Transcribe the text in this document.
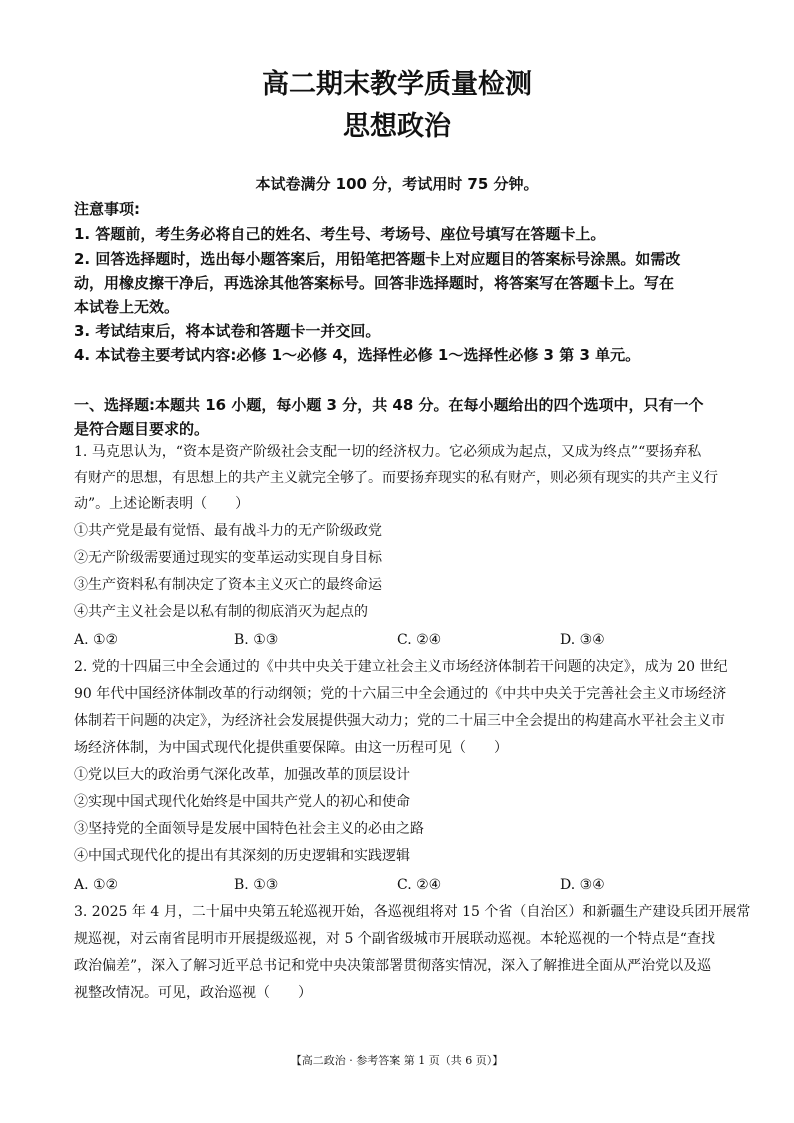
高二期末教学质量检测
思想政治
本试卷满分 100 分，考试用时 75 分钟。
注意事项:
1. 答题前，考生务必将自己的姓名、考生号、考场号、座位号填写在答题卡上。
2. 回答选择题时，选出每小题答案后，用铅笔把答题卡上对应题目的答案标号涂黑。如需改
动，用橡皮擦干净后，再选涂其他答案标号。回答非选择题时，将答案写在答题卡上。写在
本试卷上无效。
3. 考试结束后，将本试卷和答题卡一并交回。
4. 本试卷主要考试内容:必修 1～必修 4，选择性必修 1～选择性必修 3 第 3 单元。
一、选择题:本题共 16 小题，每小题 3 分，共 48 分。在每小题给出的四个选项中，只有一个
是符合题目要求的。
1. 马克思认为，“资本是资产阶级社会支配一切的经济权力。它必须成为起点，又成为终点”“要扬弃私
有财产的思想，有思想上的共产主义就完全够了。而要扬弃现实的私有财产，则必须有现实的共产主义行
动”。上述论断表明（　　）
①共产党是最有觉悟、最有战斗力的无产阶级政党
②无产阶级需要通过现实的变革运动实现自身目标
③生产资料私有制决定了资本主义灭亡的最终命运
④共产主义社会是以私有制的彻底消灭为起点的
A. ①②	B. ①③	C. ②④	D. ③④
2. 党的十四届三中全会通过的《中共中央关于建立社会主义市场经济体制若干问题的决定》，成为 20 世纪
90 年代中国经济体制改革的行动纲领；党的十六届三中全会通过的《中共中央关于完善社会主义市场经济
体制若干问题的决定》，为经济社会发展提供强大动力；党的二十届三中全会提出的构建高水平社会主义市
场经济体制，为中国式现代化提供重要保障。由这一历程可见（　　）
①党以巨大的政治勇气深化改革，加强改革的顶层设计
②实现中国式现代化始终是中国共产党人的初心和使命
③坚持党的全面领导是发展中国特色社会主义的必由之路
④中国式现代化的提出有其深刻的历史逻辑和实践逻辑
A. ①②	B. ①③	C. ②④	D. ③④
3. 2025 年 4 月，二十届中央第五轮巡视开始，各巡视组将对 15 个省（自治区）和新疆生产建设兵团开展常
规巡视，对云南省昆明市开展提级巡视，对 5 个副省级城市开展联动巡视。本轮巡视的一个特点是“查找
政治偏差”，深入了解习近平总书记和党中央决策部署贯彻落实情况，深入了解推进全面从严治党以及巡
视整改情况。可见，政治巡视（　　）
【高二政治 · 参考答案 第 1 页（共 6 页）】
